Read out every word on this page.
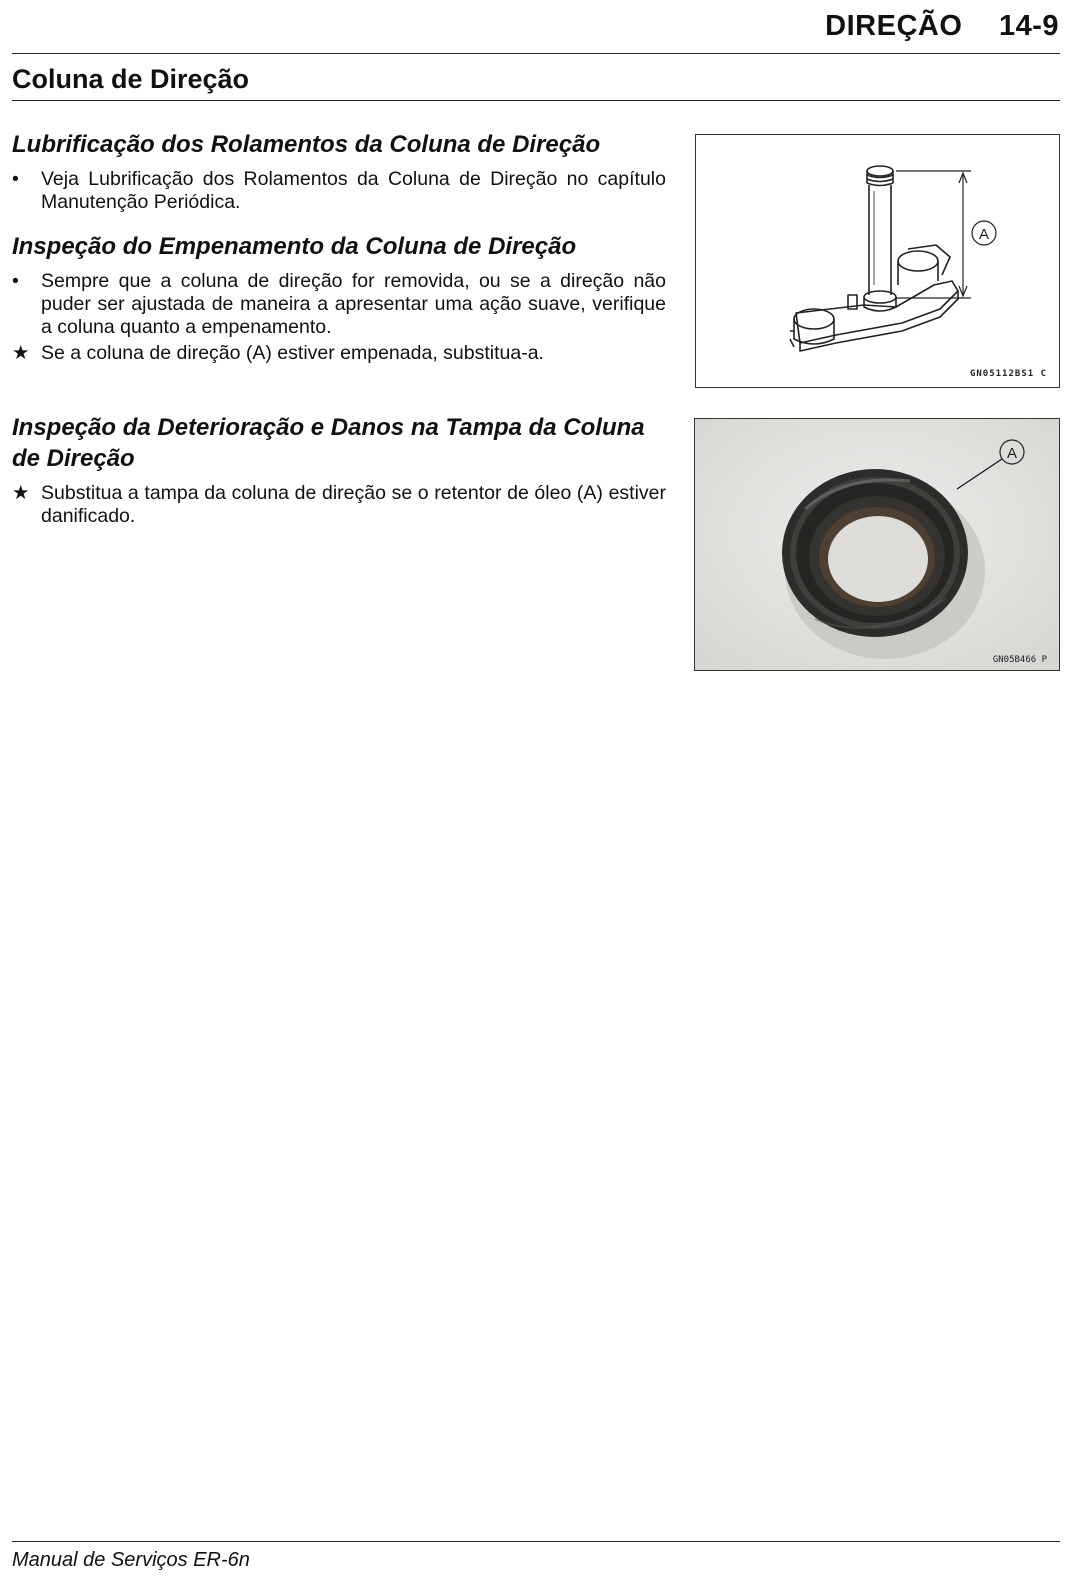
DIREÇÃO 14-9
Coluna de Direção
Lubrificação dos Rolamentos da Coluna de Direção
•	Veja Lubrificação dos Rolamentos da Coluna de Direção no capítulo Manutenção Periódica.
Inspeção do Empenamento da Coluna de Direção
•	Sempre que a coluna de direção for removida, ou se a direção não puder ser ajustada de maneira a apresentar uma ação suave, verifique a coluna quanto a empenamento.
★ Se a coluna de direção (A) estiver empenada, substitua-a.
Inspeção da Deterioração e Danos na Tampa da Coluna de Direção
★ Substitua a tampa da coluna de direção se o retentor de óleo (A) estiver danificado.
A
GN05112BS1 C
A
GN05B466 P
Manual de Serviços ER-6n
